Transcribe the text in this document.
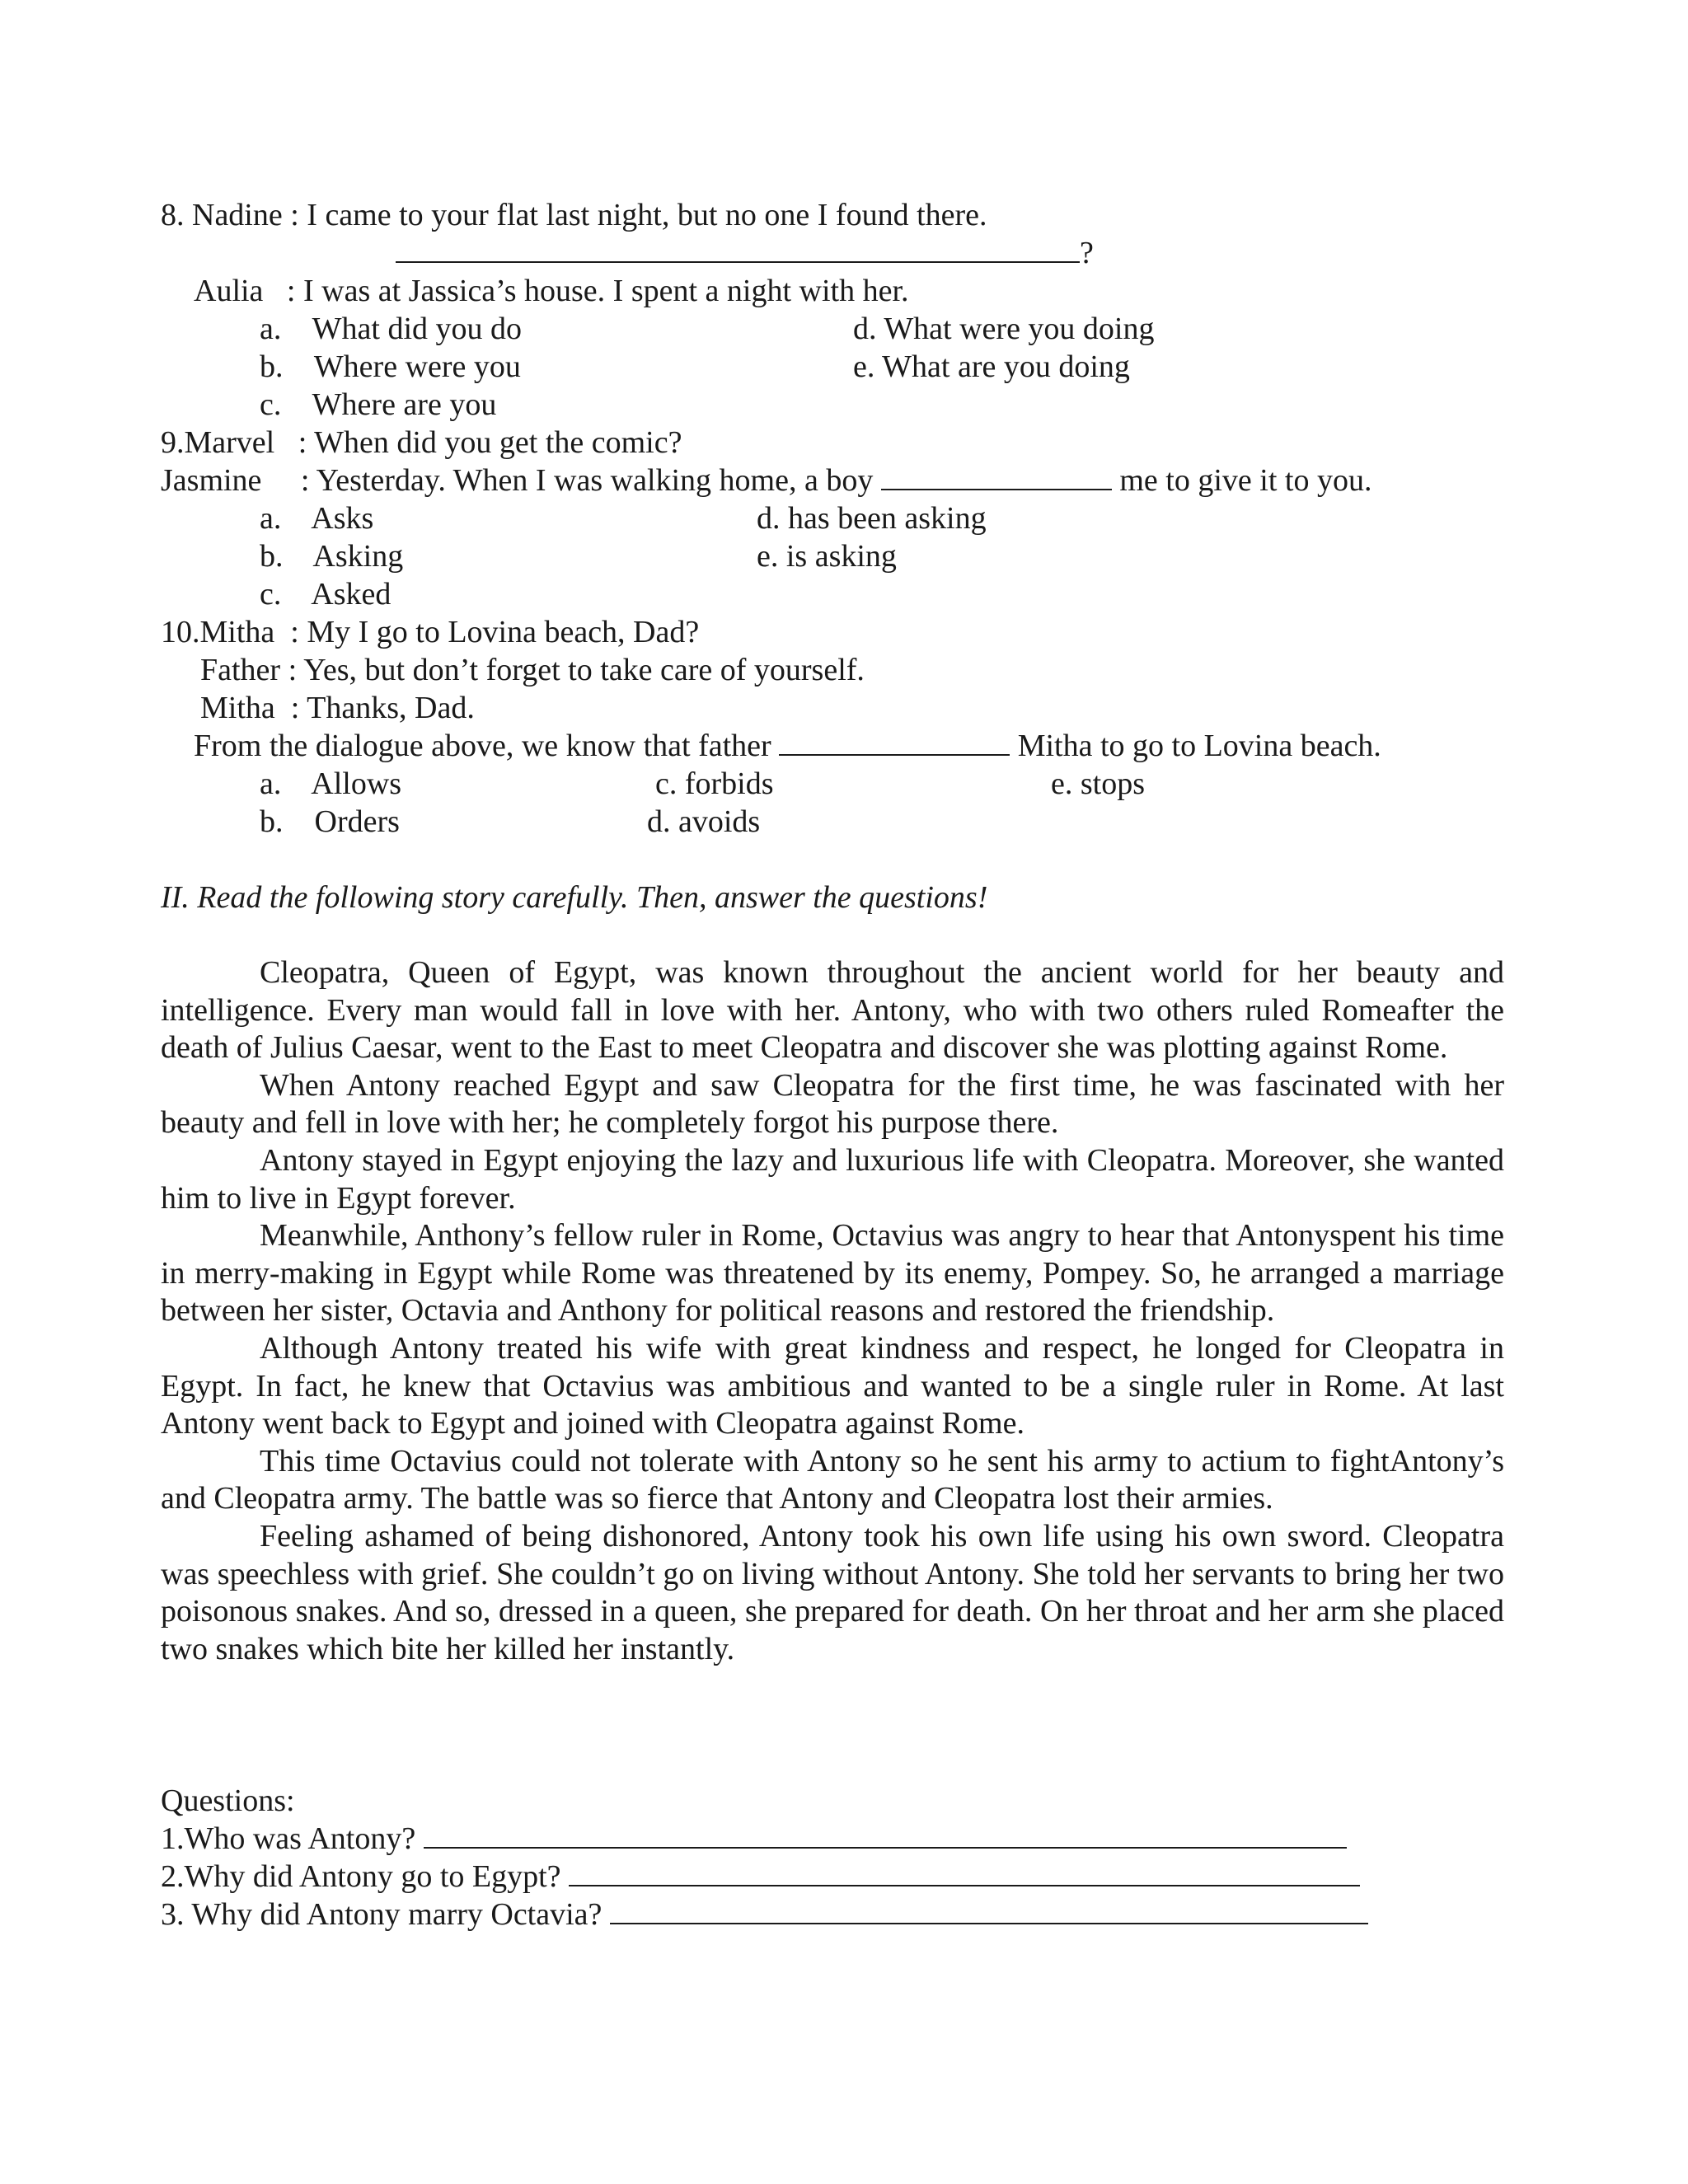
8. Nadine : I came to your flat last night, but no one I found there.
?
Aulia   : I was at Jassica’s house. I spent a night with her.
a.    What did you do	d. What were you doing
b.    Where were you	e. What are you doing
c.    Where are you
9.Marvel   : When did you get the comic?
Jasmine     : Yesterday. When I was walking home, a boy	me to give it to you.
a.    Asks	d. has been asking
b.    Asking	e. is asking
c.    Asked
10.Mitha  : My I go to Lovina beach, Dad?
Father : Yes, but don’t forget to take care of yourself.
Mitha  : Thanks, Dad.
From the dialogue above, we know that father	Mitha to go to Lovina beach.
a.    Allows	c. forbids	e. stops
b.    Orders	d. avoids
II. Read the following story carefully. Then, answer the questions!

Cleopatra, Queen of Egypt, was known throughout the ancient world for her beauty and intelligence. Every man would fall in love with her. Antony, who with two others ruled Romeafter the death of Julius Caesar, went to the East to meet Cleopatra and discover she was plotting against Rome.

When Antony reached Egypt and saw Cleopatra for the first time, he was fascinated with her beauty and fell in love with her; he completely forgot his purpose there.

Antony stayed in Egypt enjoying the lazy and luxurious life with Cleopatra. Moreover, she wanted him to live in Egypt forever.

Meanwhile, Anthony’s fellow ruler in Rome, Octavius was angry to hear that Antonyspent his time in merry-making in Egypt while Rome was threatened by its enemy, Pompey. So, he arranged a marriage between her sister, Octavia and Anthony for political reasons and restored the friendship.

Although Antony treated his wife with great kindness and respect, he longed for Cleopatra in Egypt. In fact, he knew that Octavius was ambitious and wanted to be a single ruler in Rome. At last Antony went back to Egypt and joined with Cleopatra against Rome.

This time Octavius could not tolerate with Antony so he sent his army to actium to fightAntony’s and Cleopatra army. The battle was so fierce that Antony and Cleopatra lost their armies.

Feeling ashamed of being dishonored, Antony took his own life using his own sword. Cleopatra was speechless with grief. She couldn’t go on living without Antony. She told her servants to bring her two poisonous snakes. And so, dressed in a queen, she prepared for death. On her throat and her arm she placed two snakes which bite her killed her instantly.

Questions:
1.Who was Antony?
2.Why did Antony go to Egypt?
3. Why did Antony marry Octavia?
